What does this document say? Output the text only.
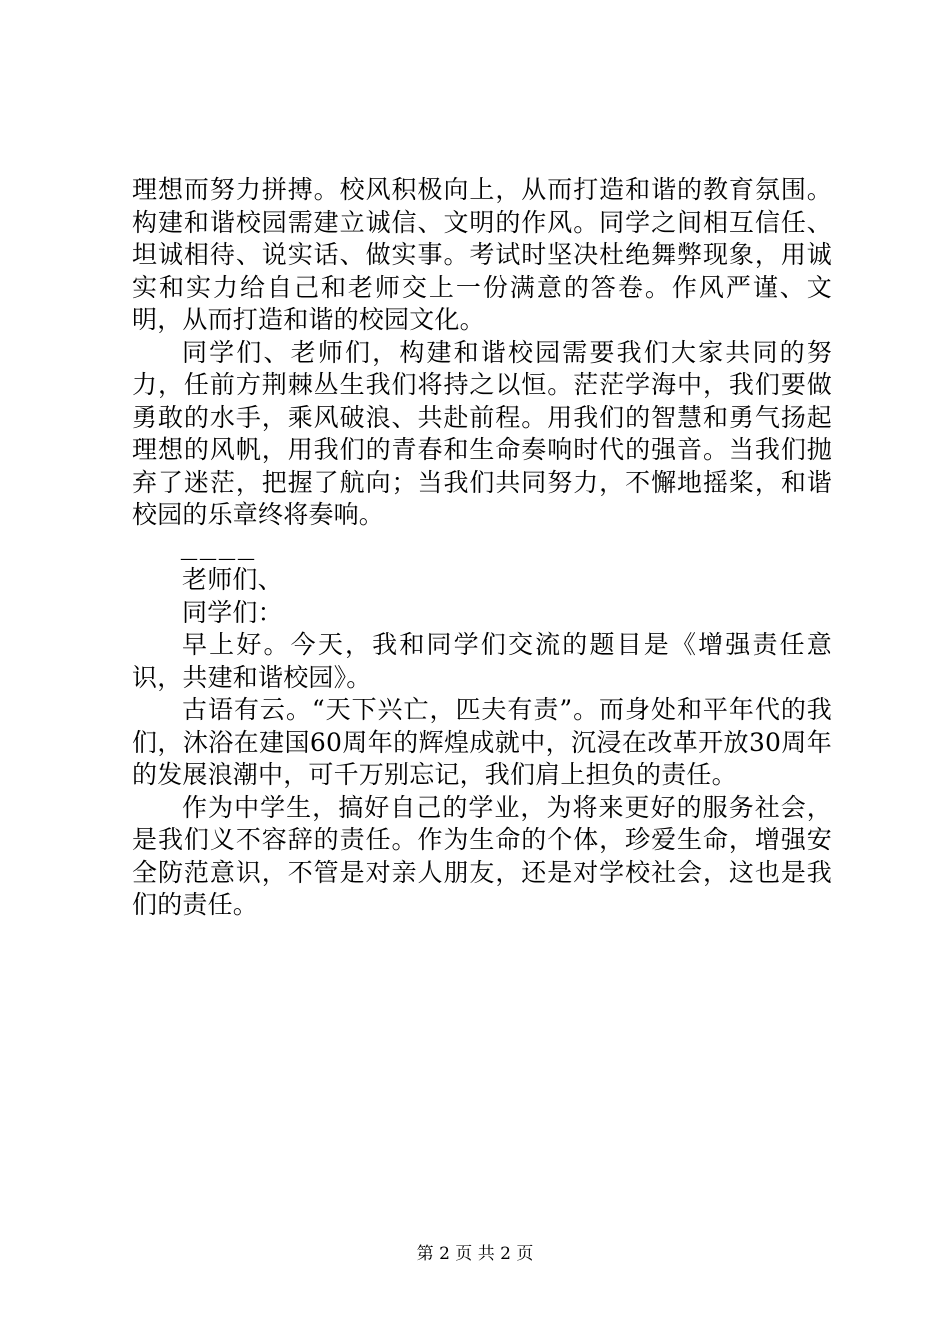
理想而努力拼搏。校风积极向上，从而打造和谐的教育氛围。构建和谐校园需建立诚信、文明的作风。同学之间相互信任、坦诚相待、说实话、做实事。考试时坚决杜绝舞弊现象，用诚实和实力给自己和老师交上一份满意的答卷。作风严谨、文明，从而打造和谐的校园文化。

同学们、老师们，构建和谐校园需要我们大家共同的努力，任前方荆棘丛生我们将持之以恒。茫茫学海中，我们要做勇敢的水手，乘风破浪、共赴前程。用我们的智慧和勇气扬起理想的风帆，用我们的青春和生命奏响时代的强音。当我们抛弃了迷茫，把握了航向；当我们共同努力，不懈地摇桨，和谐校园的乐章终将奏响。

————

老师们、

同学们：

早上好。今天，我和同学们交流的题目是《增强责任意识，共建和谐校园》。

古语有云。“天下兴亡，匹夫有责”。而身处和平年代的我们，沐浴在建国60周年的辉煌成就中，沉浸在改革开放30周年的发展浪潮中，可千万别忘记，我们肩上担负的责任。

作为中学生，搞好自己的学业，为将来更好的服务社会，是我们义不容辞的责任。作为生命的个体，珍爱生命，增强安全防范意识，不管是对亲人朋友，还是对学校社会，这也是我们的责任。

第 2 页 共 2 页
